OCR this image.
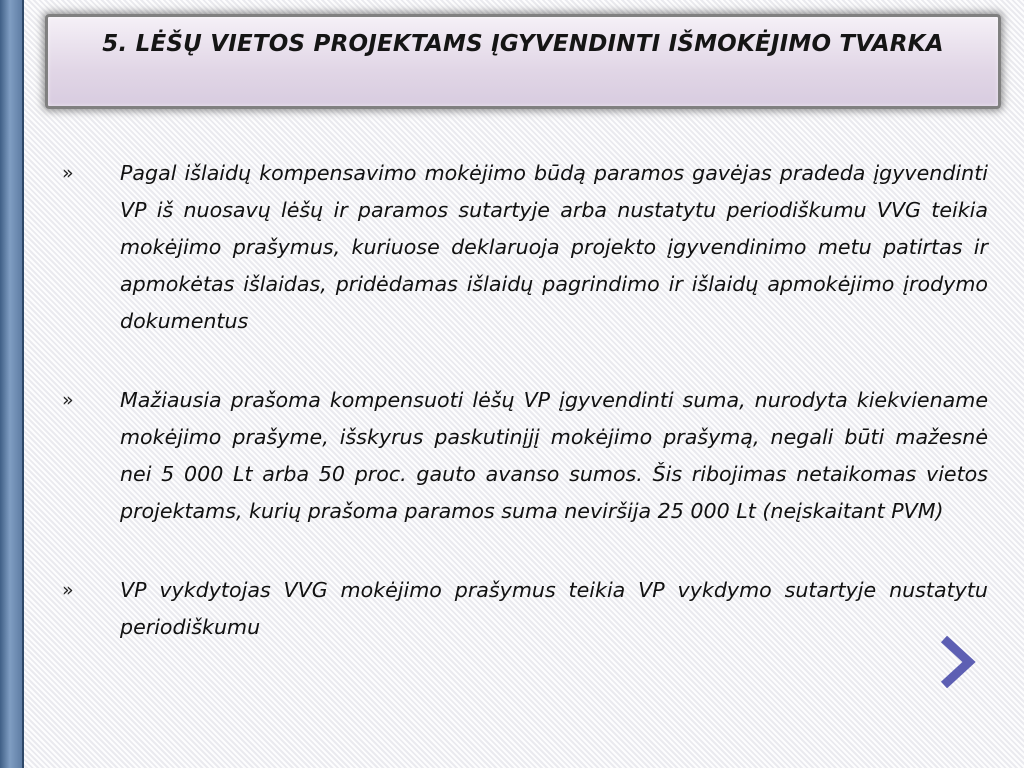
5. LĖŠŲ VIETOS PROJEKTAMS ĮGYVENDINTI IŠMOKĖJIMO TVARKA
»	Pagal išlaidų kompensavimo mokėjimo būdą paramos gavėjas pradeda įgyvendinti VP iš nuosavų lėšų ir paramos sutartyje arba nustatytu periodiškumu VVG teikia mokėjimo prašymus, kuriuose deklaruoja projekto įgyvendinimo metu patirtas ir apmokėtas išlaidas, pridėdamas išlaidų pagrindimo ir išlaidų apmokėjimo įrodymo dokumentus

»	Mažiausia prašoma kompensuoti lėšų VP įgyvendinti suma, nurodyta kiekviename mokėjimo prašyme, išskyrus paskutinįjį mokėjimo prašymą, negali būti mažesnė nei 5 000 Lt arba 50 proc. gauto avanso sumos. Šis ribojimas netaikomas vietos projektams, kurių prašoma paramos suma neviršija 25 000 Lt (neįskaitant PVM)

»	VP vykdytojas VVG mokėjimo prašymus teikia VP vykdymo sutartyje nustatytu periodiškumu
